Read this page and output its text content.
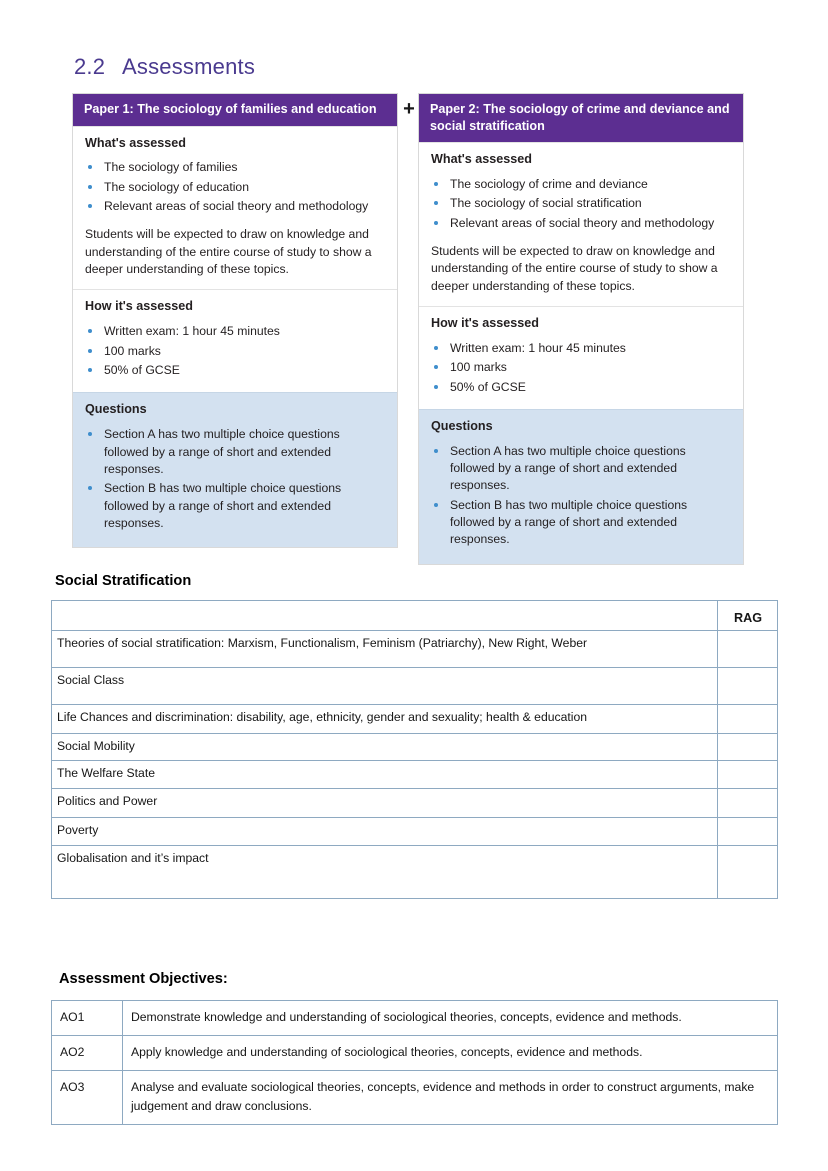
2.2 Assessments
Paper 1: The sociology of families and education
What's assessed
The sociology of families
The sociology of education
Relevant areas of social theory and methodology

Students will be expected to draw on knowledge and understanding of the entire course of study to show a deeper understanding of these topics.

How it's assessed
Written exam: 1 hour 45 minutes
100 marks
50% of GCSE
Questions
Section A has two multiple choice questions followed by a range of short and extended responses.
Section B has two multiple choice questions followed by a range of short and extended responses.
+	Paper 2: The sociology of crime and deviance and social stratification
What's assessed
The sociology of crime and deviance
The sociology of social stratification
Relevant areas of social theory and methodology

Students will be expected to draw on knowledge and understanding of the entire course of study to show a deeper understanding of these topics.

How it's assessed
Written exam: 1 hour 45 minutes
100 marks
50% of GCSE
Questions
Section A has two multiple choice questions followed by a range of short and extended responses.
Section B has two multiple choice questions followed by a range of short and extended responses.
Social Stratification
	RAG
Theories of social stratification: Marxism, Functionalism, Feminism (Patriarchy), New Right, Weber	
Social Class	
Life Chances and discrimination: disability, age, ethnicity, gender and sexuality; health & education	
Social Mobility	
The Welfare State	
Politics and Power	
Poverty	
Globalisation and it’s impact	
Assessment Objectives:
AO1	Demonstrate knowledge and understanding of sociological theories, concepts, evidence and methods.
AO2	Apply knowledge and understanding of sociological theories, concepts, evidence and methods.
AO3	Analyse and evaluate sociological theories, concepts, evidence and methods in order to construct arguments, make judgement and draw conclusions.
